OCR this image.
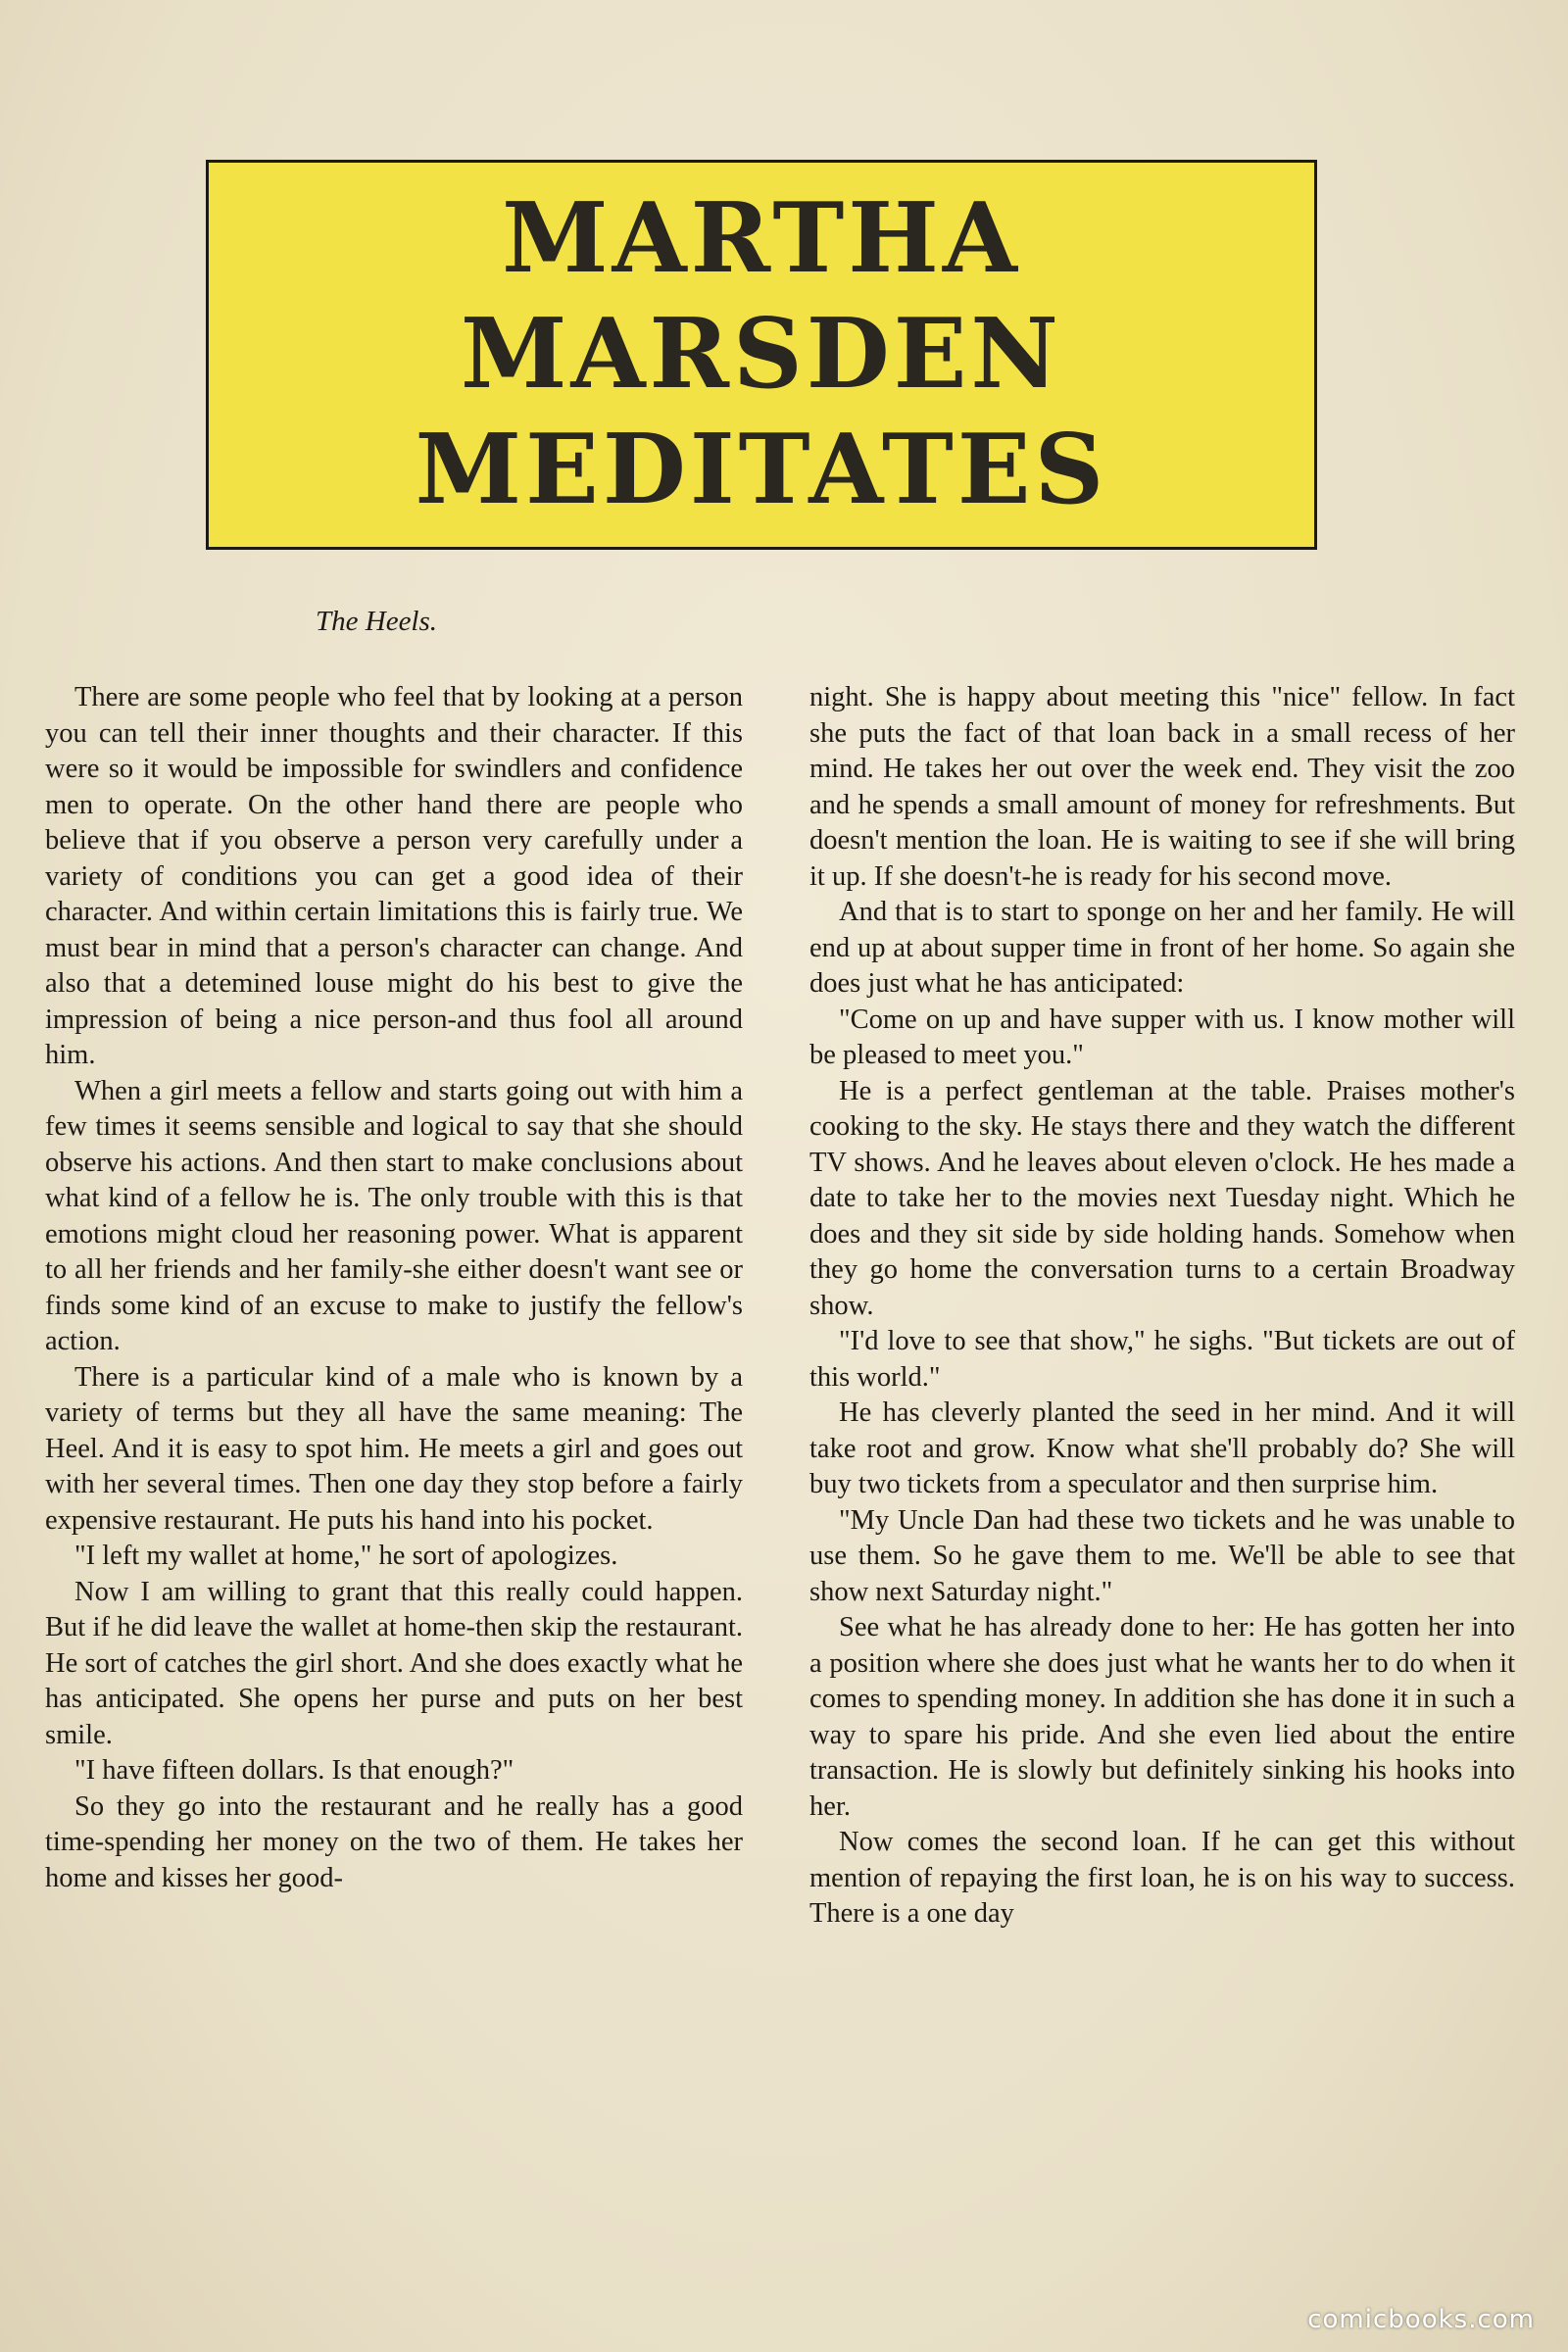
MARTHA
MARSDEN
MEDITATES
The Heels.

There are some people who feel that by looking at a person you can tell their inner thoughts and their character. If this were so it would be impossible for swindlers and confidence men to operate. On the other hand there are people who believe that if you observe a person very carefully under a variety of conditions you can get a good idea of their character. And within certain limitations this is fairly true. We must bear in mind that a person's character can change. And also that a detemined louse might do his best to give the impression of being a nice person-and thus fool all around him.

When a girl meets a fellow and starts going out with him a few times it seems sensible and logical to say that she should observe his actions. And then start to make conclusions about what kind of a fellow he is. The only trouble with this is that emotions might cloud her reasoning power. What is apparent to all her friends and her family-she either doesn't want see or finds some kind of an excuse to make to justify the fellow's action.

There is a particular kind of a male who is known by a variety of terms but they all have the same meaning: The Heel. And it is easy to spot him. He meets a girl and goes out with her several times. Then one day they stop before a fairly expensive restaurant. He puts his hand into his pocket.

"I left my wallet at home," he sort of apologizes.

Now I am willing to grant that this really could happen. But if he did leave the wallet at home-then skip the restaurant. He sort of catches the girl short. And she does exactly what he has anticipated. She opens her purse and puts on her best smile.

"I have fifteen dollars. Is that enough?"

So they go into the restaurant and he really has a good time-spending her money on the two of them. He takes her home and kisses her good-

night. She is happy about meeting this "nice" fellow. In fact she puts the fact of that loan back in a small recess of her mind. He takes her out over the week end. They visit the zoo and he spends a small amount of money for refreshments. But doesn't mention the loan. He is waiting to see if she will bring it up. If she doesn't-he is ready for his second move.

And that is to start to sponge on her and her family. He will end up at about supper time in front of her home. So again she does just what he has anticipated:

"Come on up and have supper with us. I know mother will be pleased to meet you."

He is a perfect gentleman at the table. Praises mother's cooking to the sky. He stays there and they watch the different TV shows. And he leaves about eleven o'clock. He hes made a date to take her to the movies next Tuesday night. Which he does and they sit side by side holding hands. Somehow when they go home the conversation turns to a certain Broadway show.

"I'd love to see that show," he sighs. "But tickets are out of this world."

He has cleverly planted the seed in her mind. And it will take root and grow. Know what she'll probably do? She will buy two tickets from a speculator and then surprise him.

"My Uncle Dan had these two tickets and he was unable to use them. So he gave them to me. We'll be able to see that show next Saturday night."

See what he has already done to her: He has gotten her into a position where she does just what he wants her to do when it comes to spending money. In addition she has done it in such a way to spare his pride. And she even lied about the entire transaction. He is slowly but definitely sinking his hooks into her.

Now comes the second loan. If he can get this without mention of repaying the first loan, he is on his way to success. There is a one day

comicbooks.com
